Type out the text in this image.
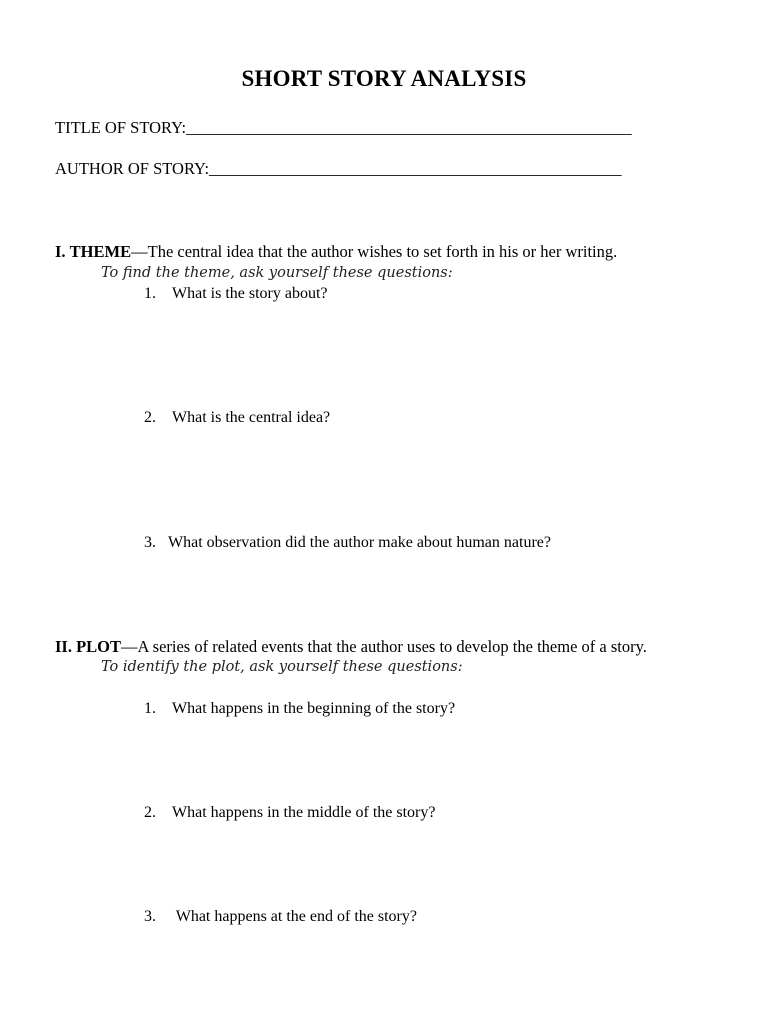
SHORT STORY ANALYSIS
TITLE OF STORY:______________________________________________________
AUTHOR OF STORY:__________________________________________________
I. THEME—The central idea that the author wishes to set forth in his or her writing.
To find the theme, ask yourself these questions:
1. What is the story about?
2. What is the central idea?
3. What observation did the author make about human nature?
II. PLOT—A series of related events that the author uses to develop the theme of a story.
To identify the plot, ask yourself these questions:
1. What happens in the beginning of the story?
2. What happens in the middle of the story?
3. What happens at the end of the story?
